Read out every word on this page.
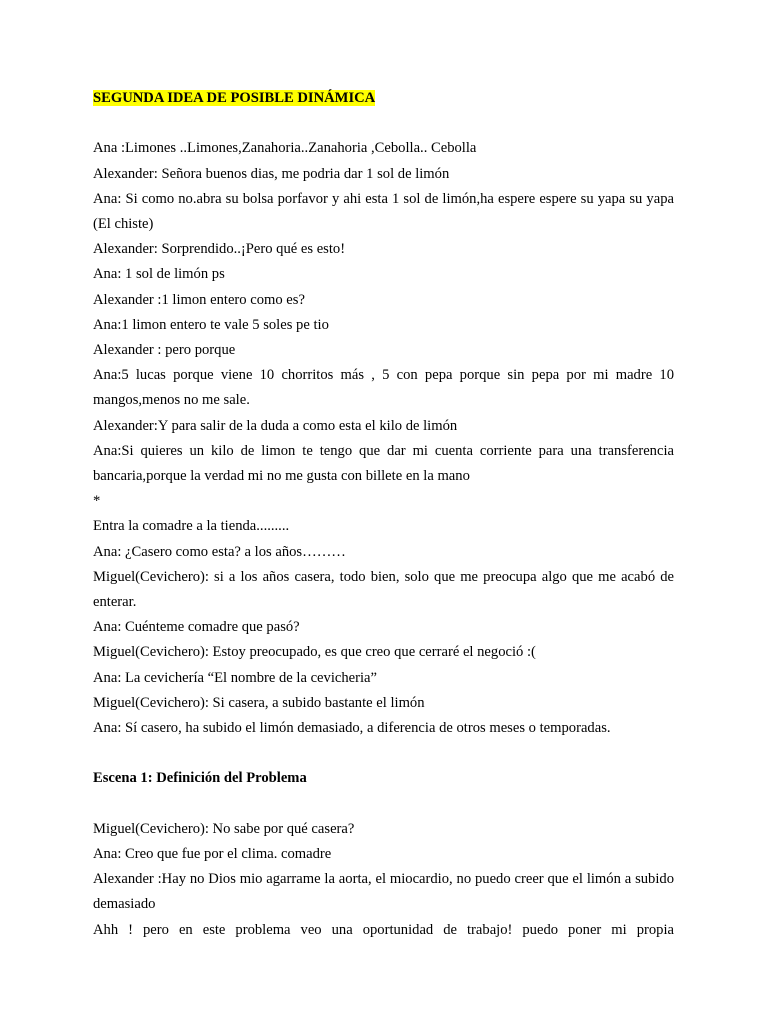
SEGUNDA IDEA DE POSIBLE DINÁMICA

Ana :Limones ..Limones,Zanahoria..Zanahoria ,Cebolla.. Cebolla

Alexander: Señora buenos dias, me podria dar 1 sol de limón

Ana: Si como no.abra su bolsa porfavor y ahi esta 1 sol de limón,ha espere espere su yapa su yapa (El chiste)

Alexander: Sorprendido..¡Pero qué es esto!

Ana: 1 sol de limón ps

Alexander :1 limon entero como es?

Ana:1 limon entero te vale 5 soles pe tio

Alexander : pero porque

Ana:5 lucas porque viene 10 chorritos más , 5 con pepa porque sin pepa por mi madre 10 mangos,menos no me sale.

Alexander:Y para salir de la duda a como esta el kilo de limón

Ana:Si quieres un kilo de limon te tengo que dar mi cuenta corriente para una transferencia bancaria,porque la verdad mi no me gusta con billete en la mano

*

Entra la comadre a la tienda.........

Ana: ¿Casero como esta? a los años………

Miguel(Cevichero): si a los años casera, todo bien, solo que me preocupa algo que me acabó de enterar.

Ana: Cuénteme comadre que pasó?

Miguel(Cevichero): Estoy preocupado, es que creo que cerraré el negoció :(

Ana: La cevichería “El nombre de la cevicheria”

Miguel(Cevichero): Si casera, a subido bastante el limón

Ana: Sí casero, ha subido el limón demasiado, a diferencia de otros meses o temporadas.

Escena 1: Definición del Problema

Miguel(Cevichero): No sabe por qué casera?

Ana: Creo que fue por el clima. comadre

Alexander :Hay no Dios mio agarrame la aorta, el miocardio, no puedo creer que el limón a subido demasiado

Ahh ! pero en este problema veo una oportunidad de trabajo! puedo poner mi propia
